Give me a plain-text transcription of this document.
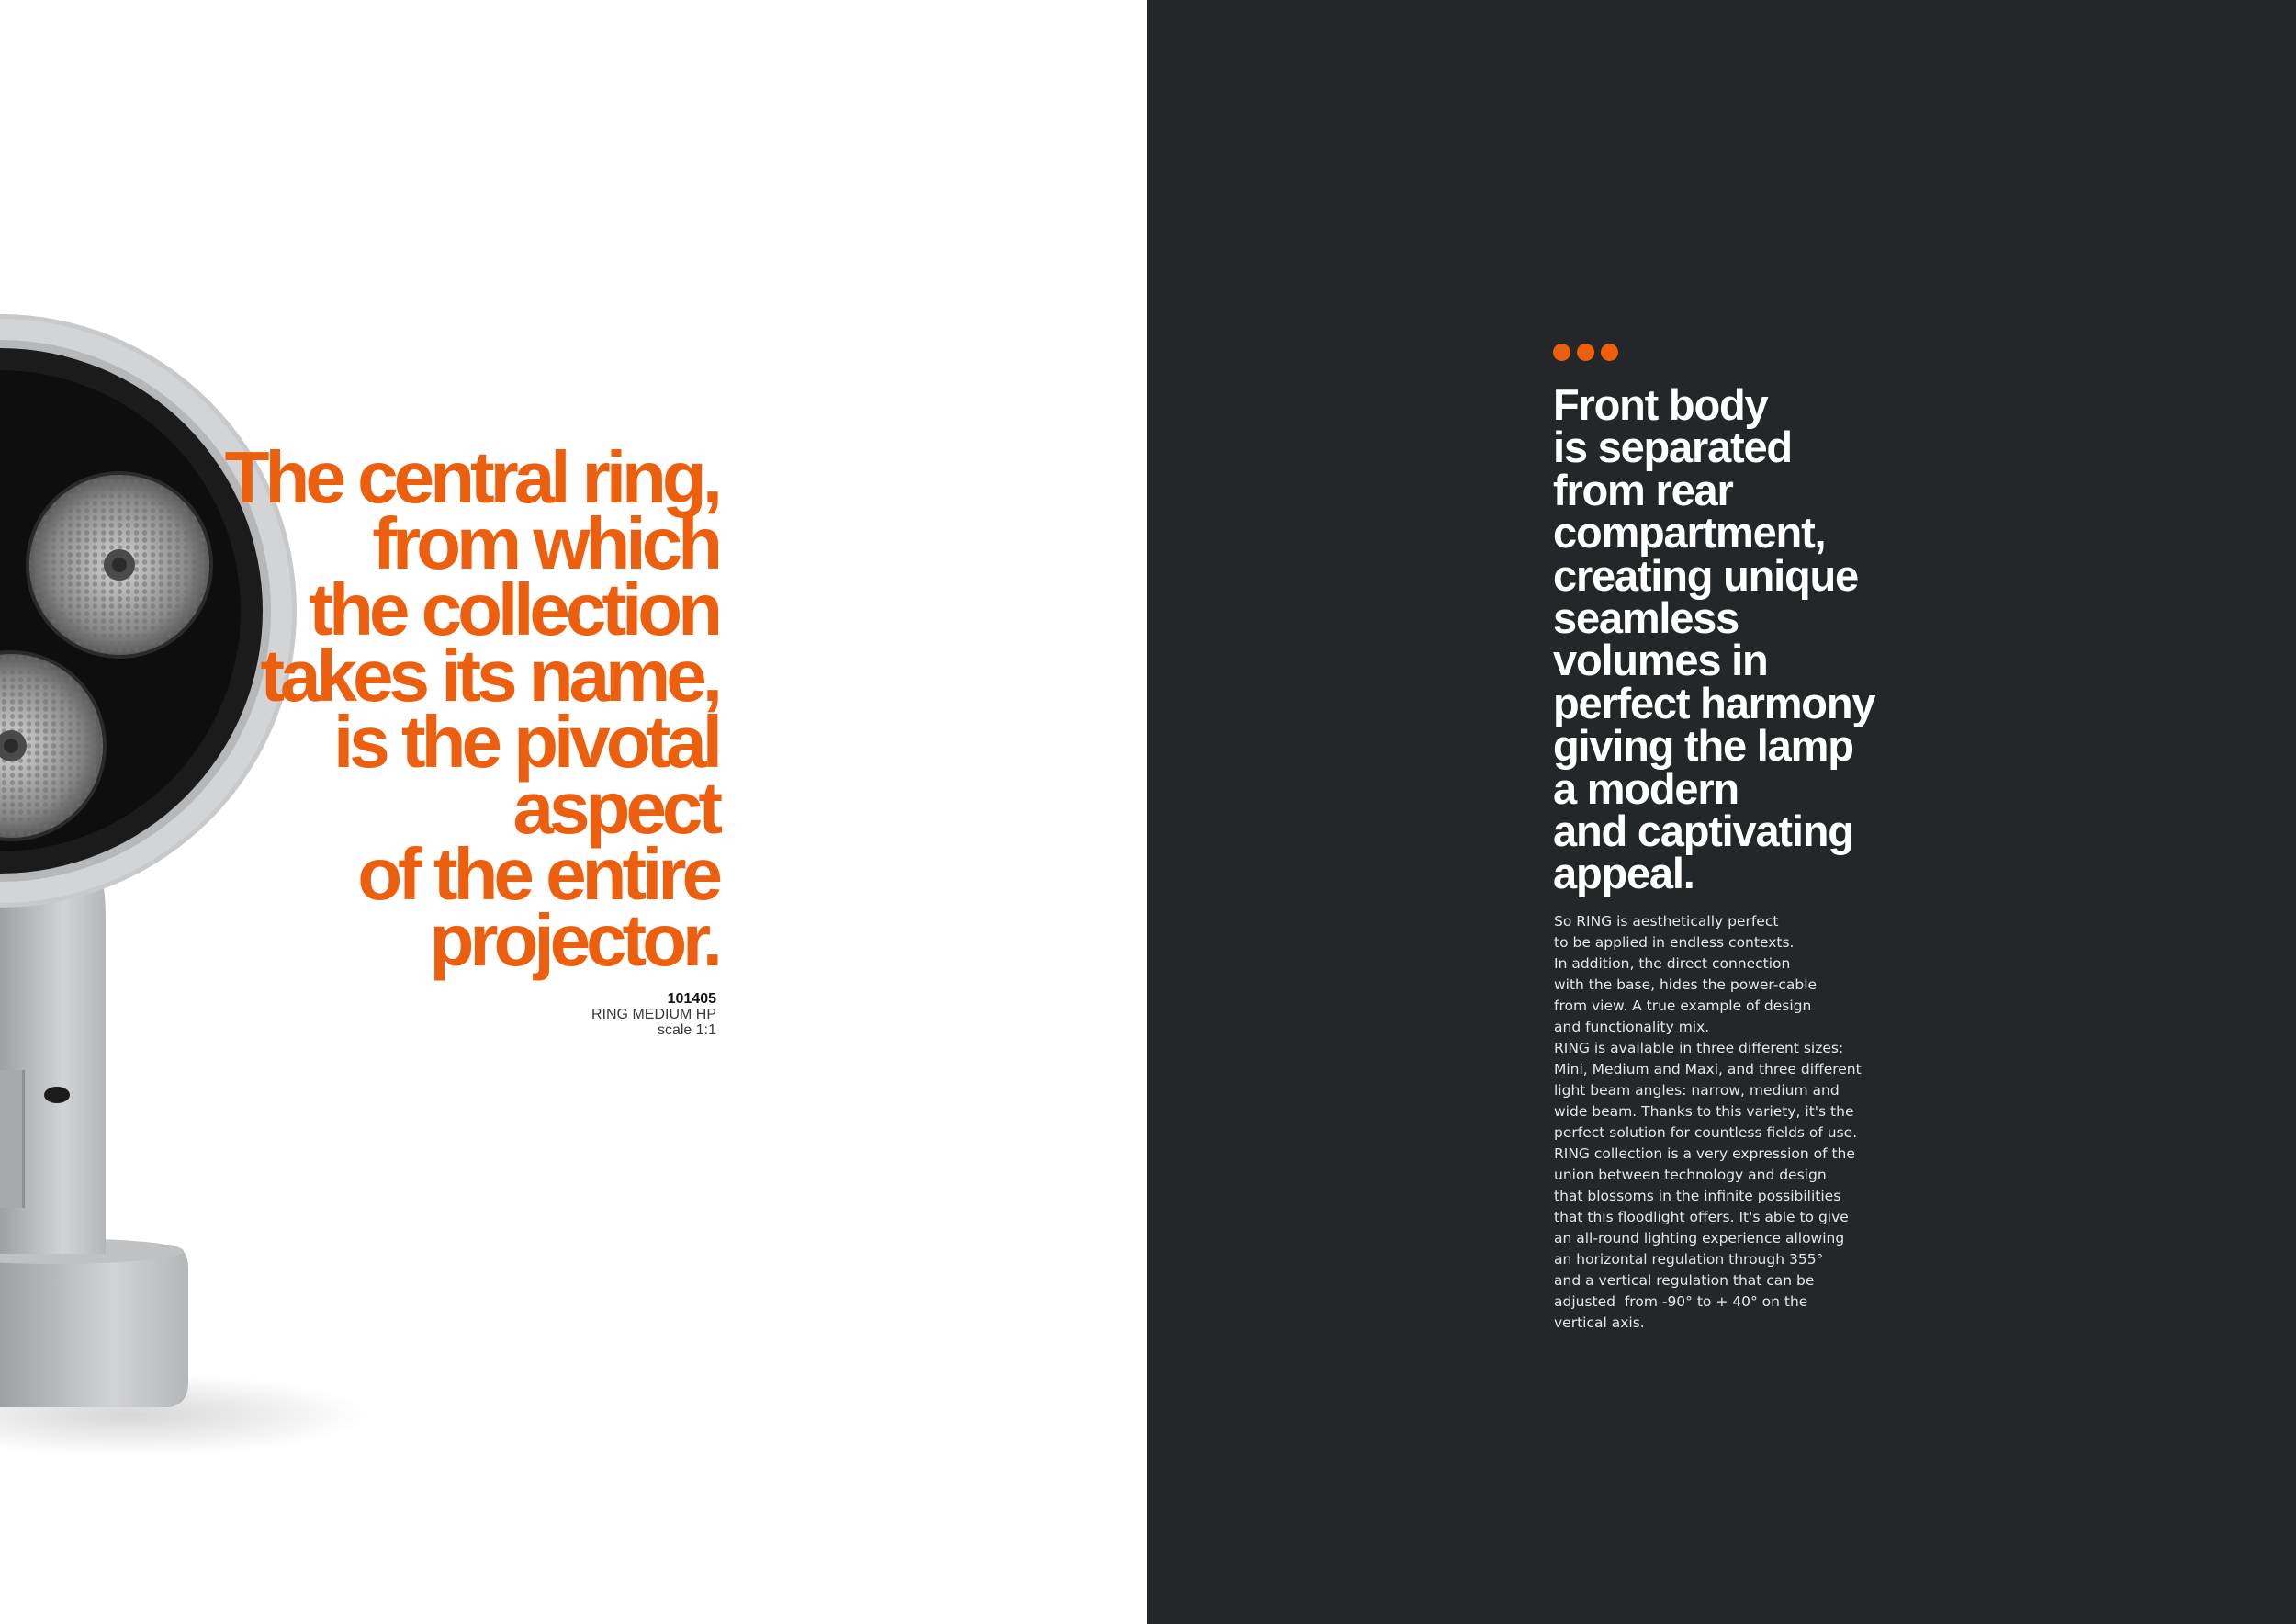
The central ring,
from which
the collection
takes its name,
is the pivotal
aspect
of the entire
projector.
101405
RING MEDIUM HP
scale 1:1
Front body
is separated
from rear
compartment,
creating unique
seamless
volumes in
perfect harmony
giving the lamp
a modern
and captivating
appeal.
So RING is aesthetically perfect
to be applied in endless contexts.
In addition, the direct connection
with the base, hides the power-cable
from view. A true example of design
and functionality mix.
RING is available in three different sizes:
Mini, Medium and Maxi, and three different
light beam angles: narrow, medium and
wide beam. Thanks to this variety, it's the
perfect solution for countless fields of use.
RING collection is a very expression of the
union between technology and design
that blossoms in the infinite possibilities
that this floodlight offers. It's able to give
an all-round lighting experience allowing
an horizontal regulation through 355°
and a vertical regulation that can be
adjusted  from -90° to + 40° on the
vertical axis.
